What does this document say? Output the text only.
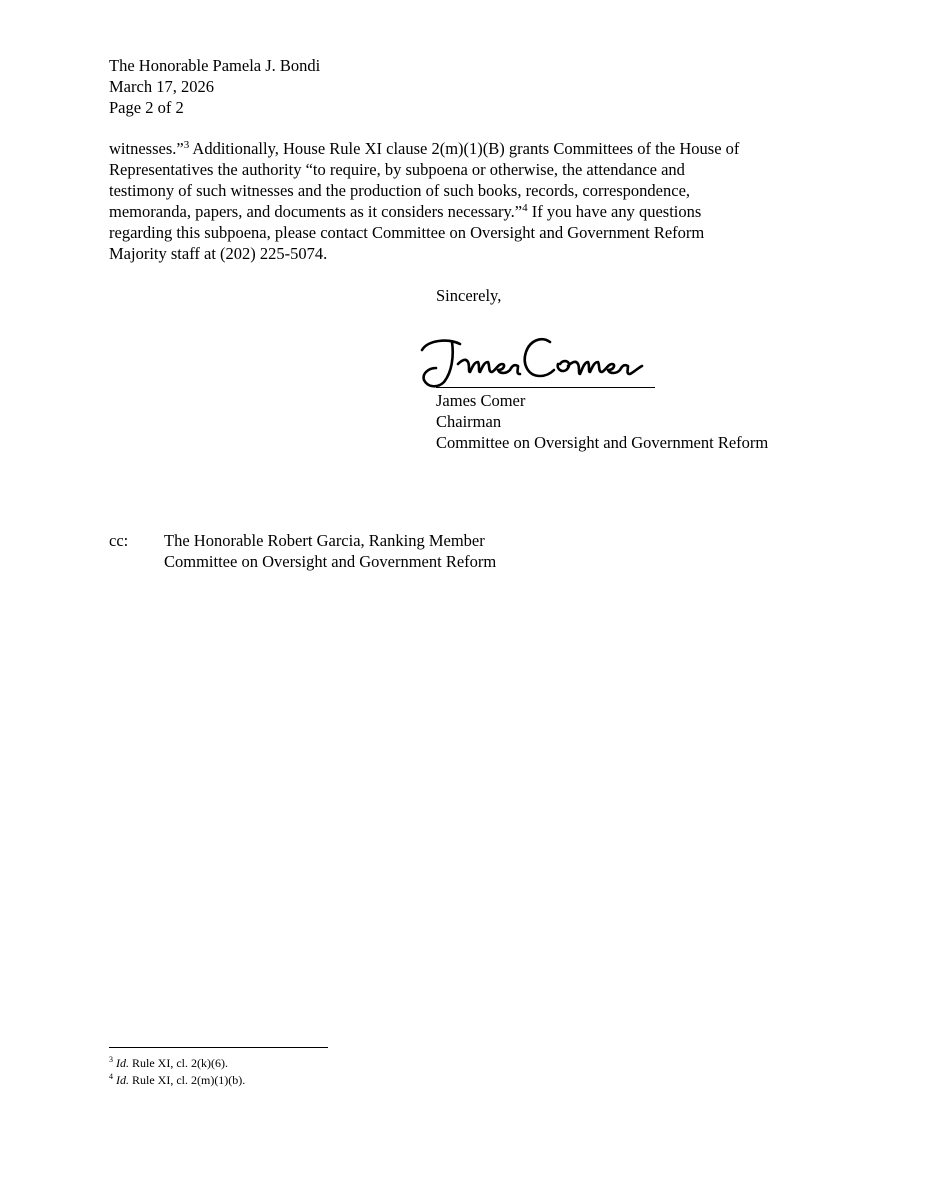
The Honorable Pamela J. Bondi
March 17, 2026
Page 2 of 2

witnesses.”$^3$ Additionally, House Rule XI clause 2(m)(1)(B) grants Committees of the House of

Representatives the authority “to require, by subpoena or otherwise, the attendance and

testimony of such witnesses and the production of such books, records, correspondence,

memoranda, papers, and documents as it considers necessary.”$^4$ If you have any questions

regarding this subpoena, please contact Committee on Oversight and Government Reform

Majority staff at (202) 225-5074.

Sincerely,
James Comer
James Comer
Chairman
Committee on Oversight and Government Reform
cc: The Honorable Robert Garcia, Ranking Member
Committee on Oversight and Government Reform
$^3$ Id. Rule XI, cl. 2(k)(6).
$^4$ Id. Rule XI, cl. 2(m)(1)(b).
